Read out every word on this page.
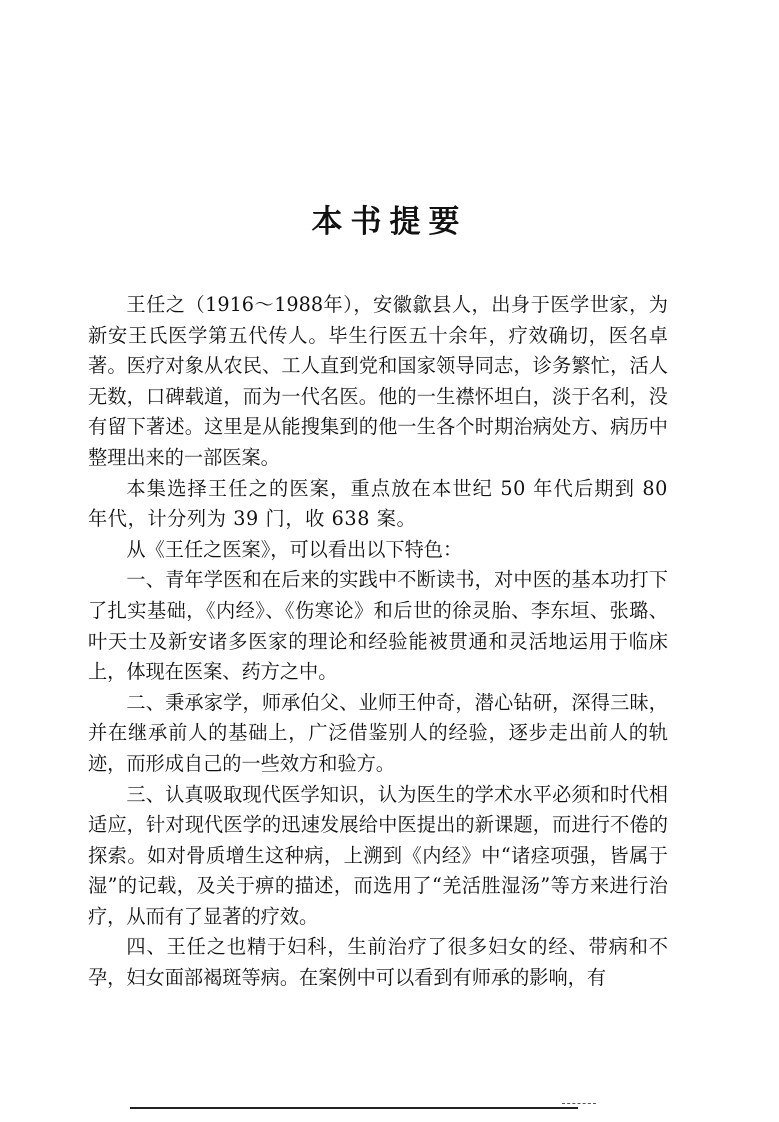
本书提要

王任之（1916～1988年），安徽歙县人，出身于医学世家，为新安王氏医学第五代传人。毕生行医五十余年，疗效确切，医名卓著。医疗对象从农民、工人直到党和国家领导同志，诊务繁忙，活人无数，口碑载道，而为一代名医。他的一生襟怀坦白，淡于名利，没有留下著述。这里是从能搜集到的他一生各个时期治病处方、病历中整理出来的一部医案。

本集选择王任之的医案，重点放在本世纪 50 年代后期到 80 年代，计分列为 39 门，收 638 案。

从《王任之医案》，可以看出以下特色：

一、青年学医和在后来的实践中不断读书，对中医的基本功打下了扎实基础，《内经》、《伤寒论》和后世的徐灵胎、李东垣、张璐、叶天士及新安诸多医家的理论和经验能被贯通和灵活地运用于临床上，体现在医案、药方之中。

二、秉承家学，师承伯父、业师王仲奇，潜心钻研，深得三昧，并在继承前人的基础上，广泛借鉴别人的经验，逐步走出前人的轨迹，而形成自己的一些效方和验方。

三、认真吸取现代医学知识，认为医生的学术水平必须和时代相适应，针对现代医学的迅速发展给中医提出的新课题，而进行不倦的探索。如对骨质增生这种病，上溯到《内经》中“诸痉项强，皆属于湿”的记载，及关于痹的描述，而选用了“羌活胜湿汤”等方来进行治疗，从而有了显著的疗效。

四、王任之也精于妇科，生前治疗了很多妇女的经、带病和不孕，妇女面部褐斑等病。在案例中可以看到有师承的影响，有
